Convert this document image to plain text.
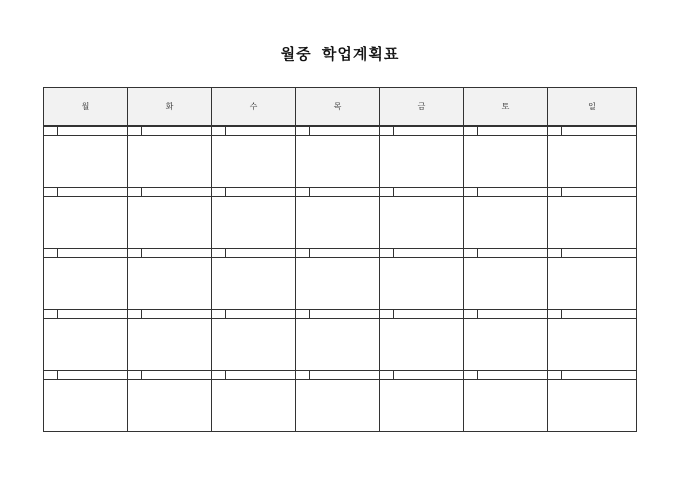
월중 학업계획표
월	화	수	목	금	토	일
